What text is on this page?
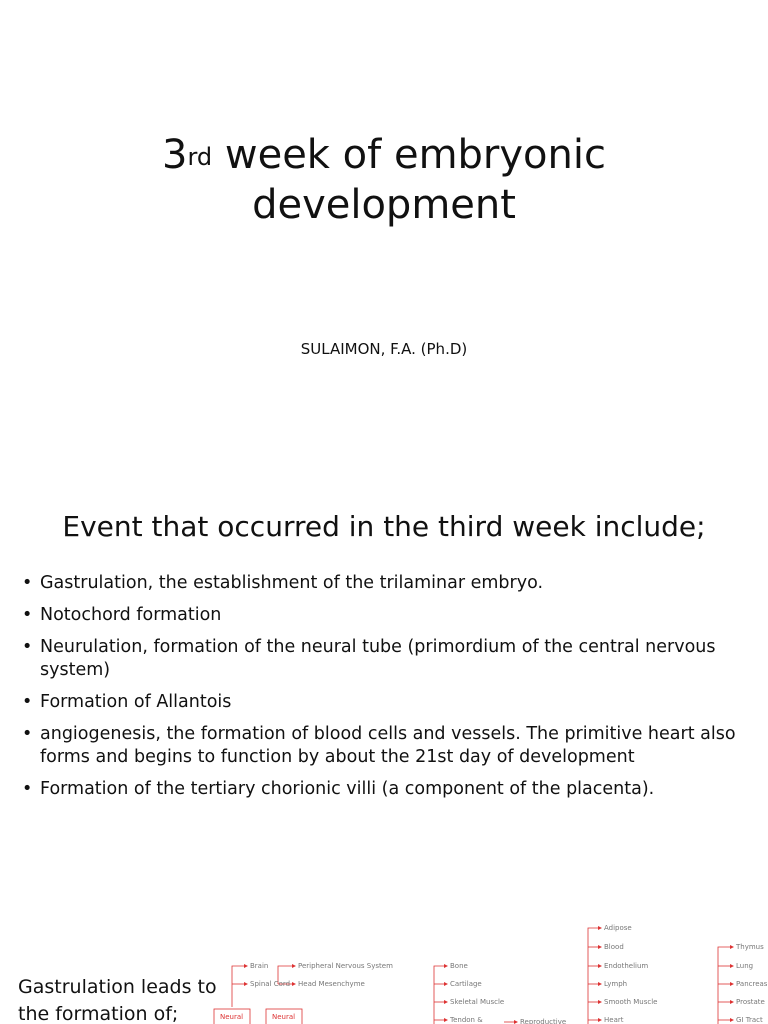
3rd week of embryonic
development
SULAIMON, F.A. (Ph.D)
Event that occurred in the third week include;
• Gastrulation, the establishment of the trilaminar embryo.
• Notochord formation
• Neurulation, formation of the neural tube (primordium of the central nervous system)
• Formation of Allantois
• angiogenesis, the formation of blood cells and vessels. The primitive heart also forms and begins to function by about the 21st day of development
• Formation of the tertiary chorionic villi (a component of the placenta).
Gastrulation leads to the formation of;	Neural	Neural
Brain
Spinal Cord
Peripheral Nervous System
Head Mesenchyme
Bone
Cartilage
Skeletal Muscle
Tendon &	Reproductive
Adipose
Blood
Endothelium
Lymph
Smooth Muscle
Heart
Thymus
Lung
Pancreas
Prostate
GI Tract
